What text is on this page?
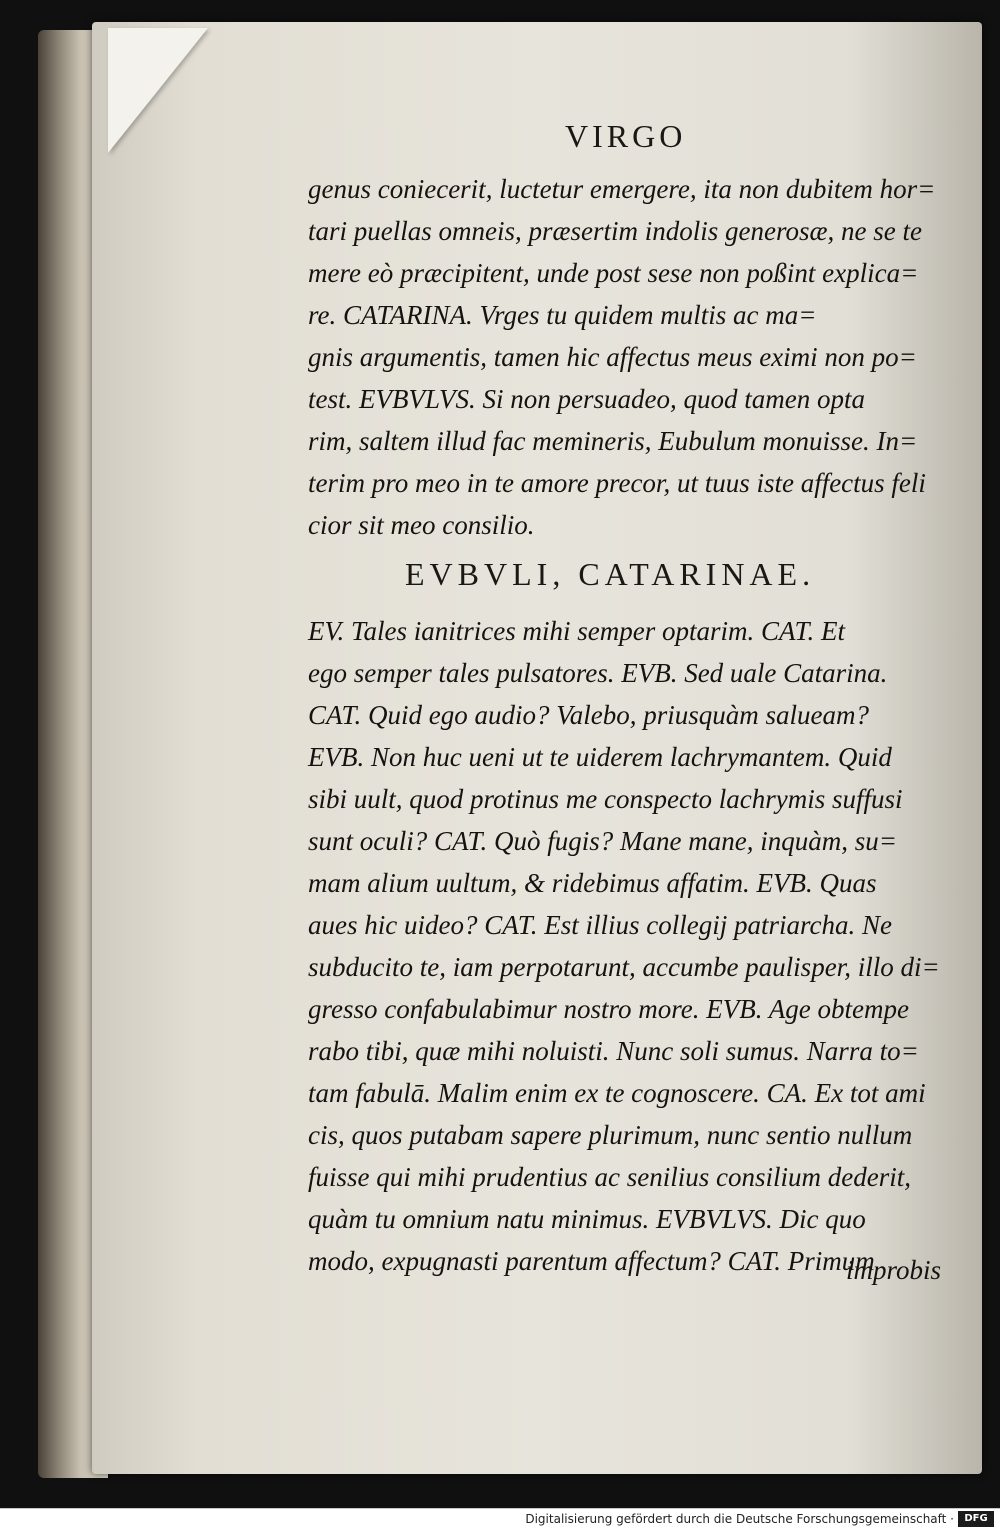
VIRGO
genus coniecerit, luctetur emergere, ita non dubitem hor=
tari puellas omneis, præsertim indolis generosæ, ne se te
mere eò præcipitent, unde post sese non poßint explica=
re. CATARINA. Vrges tu quidem multis ac ma=
gnis argumentis, tamen hic affectus meus eximi non po=
test. EVBVLVS. Si non persuadeo, quod tamen opta
rim, saltem illud fac memineris, Eubulum monuisse. In=
terim pro meo in te amore precor, ut tuus iste affectus feli
cior sit meo consilio.
EVBVLI, CATARINAE.
EV. Tales ianitrices mihi semper optarim. CAT. Et
ego semper tales pulsatores. EVB. Sed uale Catarina.
CAT. Quid ego audio? Valebo, priusquàm salueam?
EVB. Non huc ueni ut te uiderem lachrymantem. Quid
sibi uult, quod protinus me conspecto lachrymis suffusi
sunt oculi? CAT. Quò fugis? Mane mane, inquàm, su=
mam alium uultum, & ridebimus affatim. EVB. Quas
aues hic uideo? CAT. Est illius collegij patriarcha. Ne
subducito te, iam perpotarunt, accumbe paulisper, illo di=
gresso confabulabimur nostro more. EVB. Age obtempe
rabo tibi, quæ mihi noluisti. Nunc soli sumus. Narra to=
tam fabulā. Malim enim ex te cognoscere. CA. Ex tot ami
cis, quos putabam sapere plurimum, nunc sentio nullum
fuisse qui mihi prudentius ac senilius consilium dederit,
quàm tu omnium natu minimus. EVBVLVS. Dic quo
modo, expugnasti parentum affectum? CAT. Primum
improbis
Digitalisierung gefördert durch die Deutsche Forschungsgemeinschaft ·	DFG
